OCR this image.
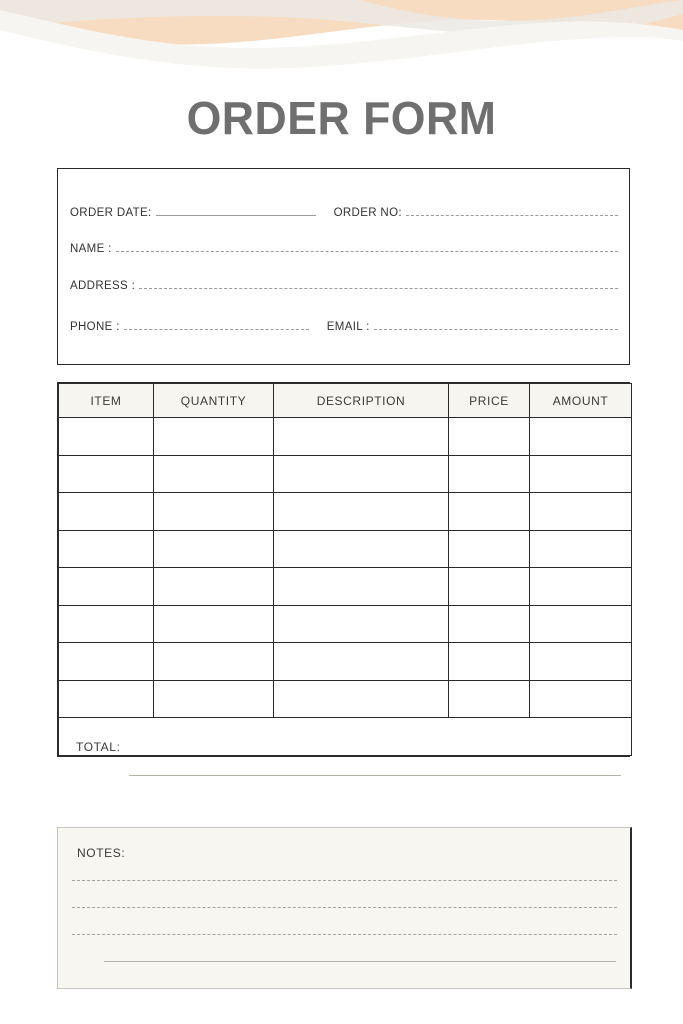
ORDER FORM
ORDER DATE:	ORDER NO:
NAME :
ADDRESS :
PHONE :	EMAIL :
ITEM	QUANTITY	DESCRIPTION	PRICE	AMOUNT

TOTAL:				
NOTES:
